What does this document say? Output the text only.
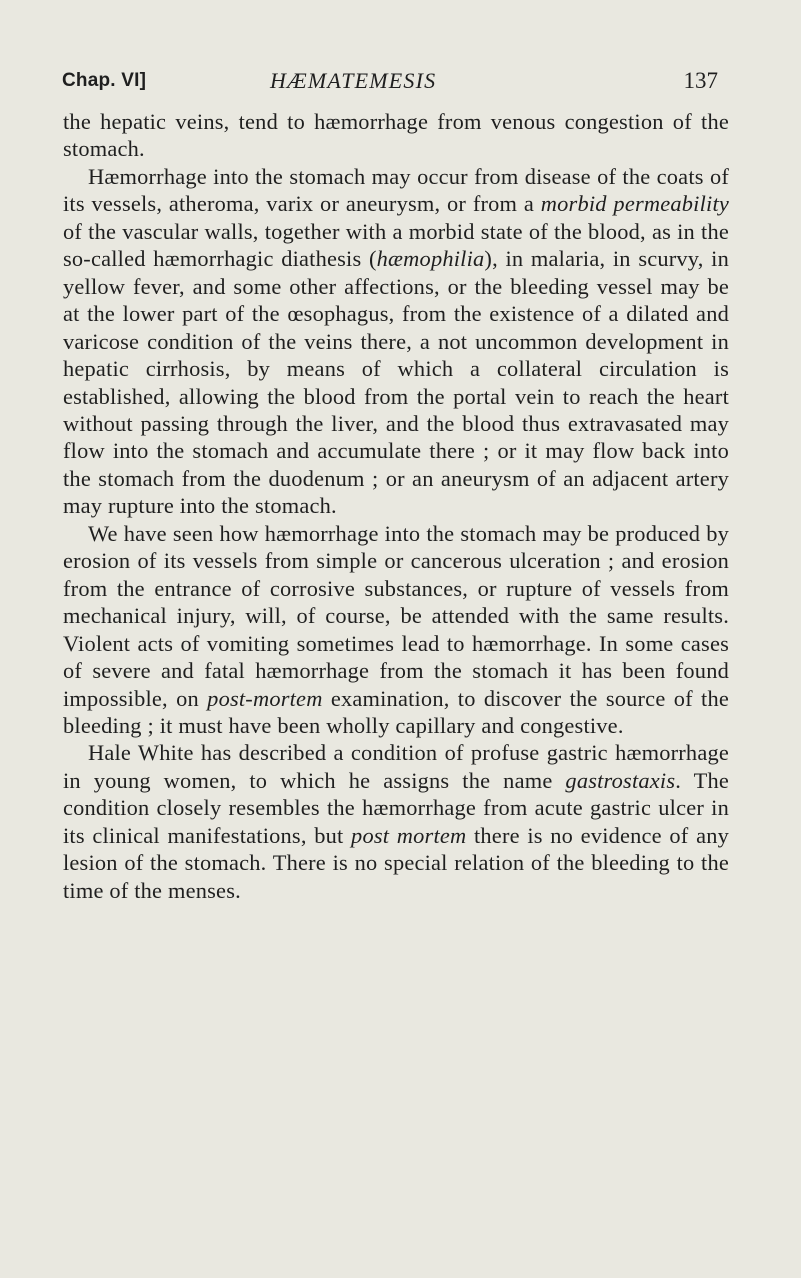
Chap. VI]	HÆMATEMESIS	137

the hepatic veins, tend to hæmorrhage from venous congestion of the stomach.

Hæmorrhage into the stomach may occur from disease of the coats of its vessels, atheroma, varix or aneurysm, or from a morbid permeability of the vascular walls, together with a morbid state of the blood, as in the so-called hæmorrhagic diathesis (hæmophilia), in malaria, in scurvy, in yellow fever, and some other affections, or the bleeding vessel may be at the lower part of the œsophagus, from the existence of a dilated and varicose condition of the veins there, a not uncommon development in hepatic cirrhosis, by means of which a collateral circulation is established, allowing the blood from the portal vein to reach the heart without passing through the liver, and the blood thus extravasated may flow into the stomach and accumulate there ; or it may flow back into the stomach from the duodenum ; or an aneurysm of an adjacent artery may rupture into the stomach.

We have seen how hæmorrhage into the stomach may be produced by erosion of its vessels from simple or cancerous ulceration ; and erosion from the entrance of corrosive substances, or rupture of vessels from mechanical injury, will, of course, be attended with the same results. Violent acts of vomiting sometimes lead to hæmorrhage. In some cases of severe and fatal hæmorrhage from the stomach it has been found impossible, on post-mortem examination, to discover the source of the bleeding ; it must have been wholly capillary and congestive.

Hale White has described a condition of profuse gastric hæmorrhage in young women, to which he assigns the name gastrostaxis. The condition closely resembles the hæmorrhage from acute gastric ulcer in its clinical manifestations, but post mortem there is no evidence of any lesion of the stomach. There is no special relation of the bleeding to the time of the menses.
